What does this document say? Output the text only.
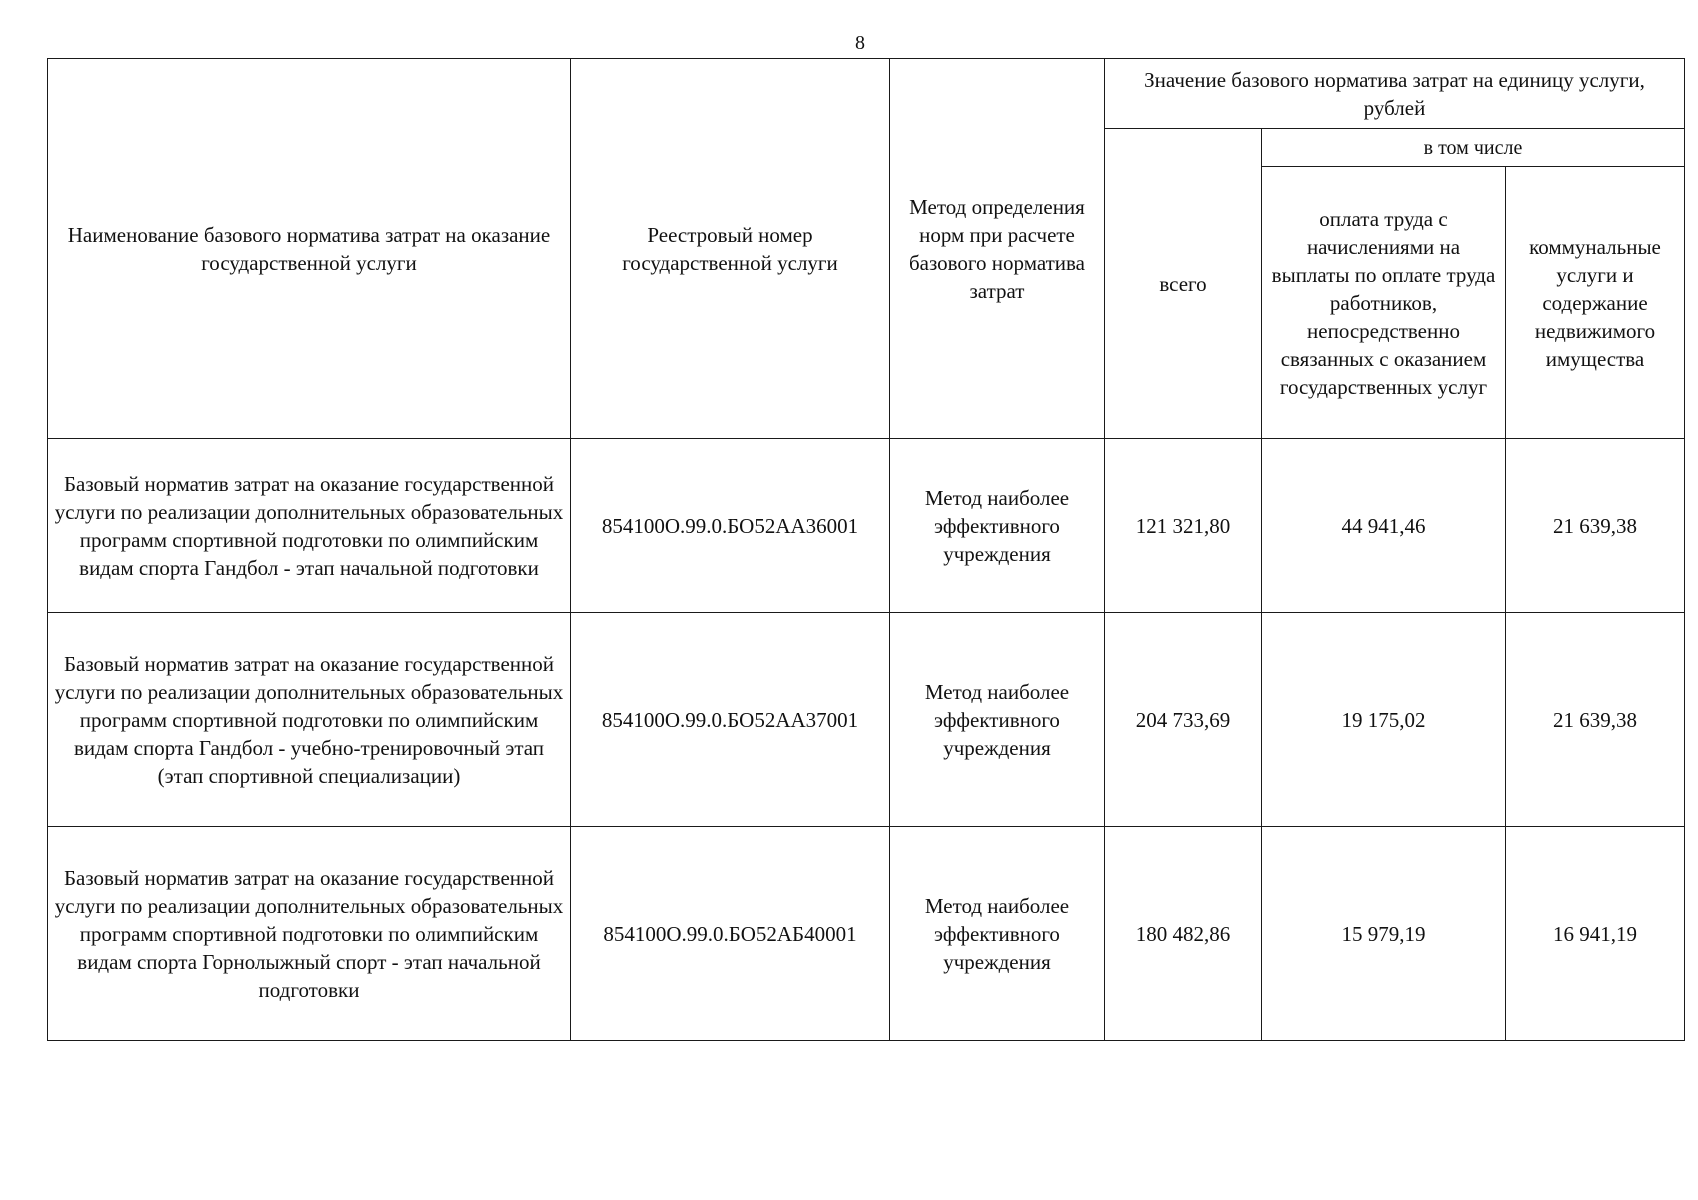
8
Наименование базового норматива затрат на оказание государственной услуги	Реестровый номер государственной услуги	Метод определения норм при расчете базового норматива затрат	Значение базового норматива затрат на единицу услуги, рублей		
			всего	в том числе	
				оплата труда с начислениями на выплаты по оплате труда работников, непосредственно связанных с оказанием государственных услуг	коммунальные услуги и содержание недвижимого имущества
Базовый норматив затрат на оказание государственной услуги по реализации дополнительных образовательных программ спортивной подготовки по олимпийским видам спорта Гандбол - этап начальной подготовки	854100О.99.0.БО52АА36001	Метод наиболее эффективного учреждения	121 321,80	44 941,46	21 639,38
Базовый норматив затрат на оказание государственной услуги по реализации дополнительных образовательных программ спортивной подготовки по олимпийским видам спорта Гандбол - учебно-тренировочный этап (этап спортивной специализации)	854100О.99.0.БО52АА37001	Метод наиболее эффективного учреждения	204 733,69	19 175,02	21 639,38
Базовый норматив затрат на оказание государственной услуги по реализации дополнительных образовательных программ спортивной подготовки по олимпийским видам спорта Горнолыжный спорт - этап начальной подготовки	854100О.99.0.БО52АБ40001	Метод наиболее эффективного учреждения	180 482,86	15 979,19	16 941,19
